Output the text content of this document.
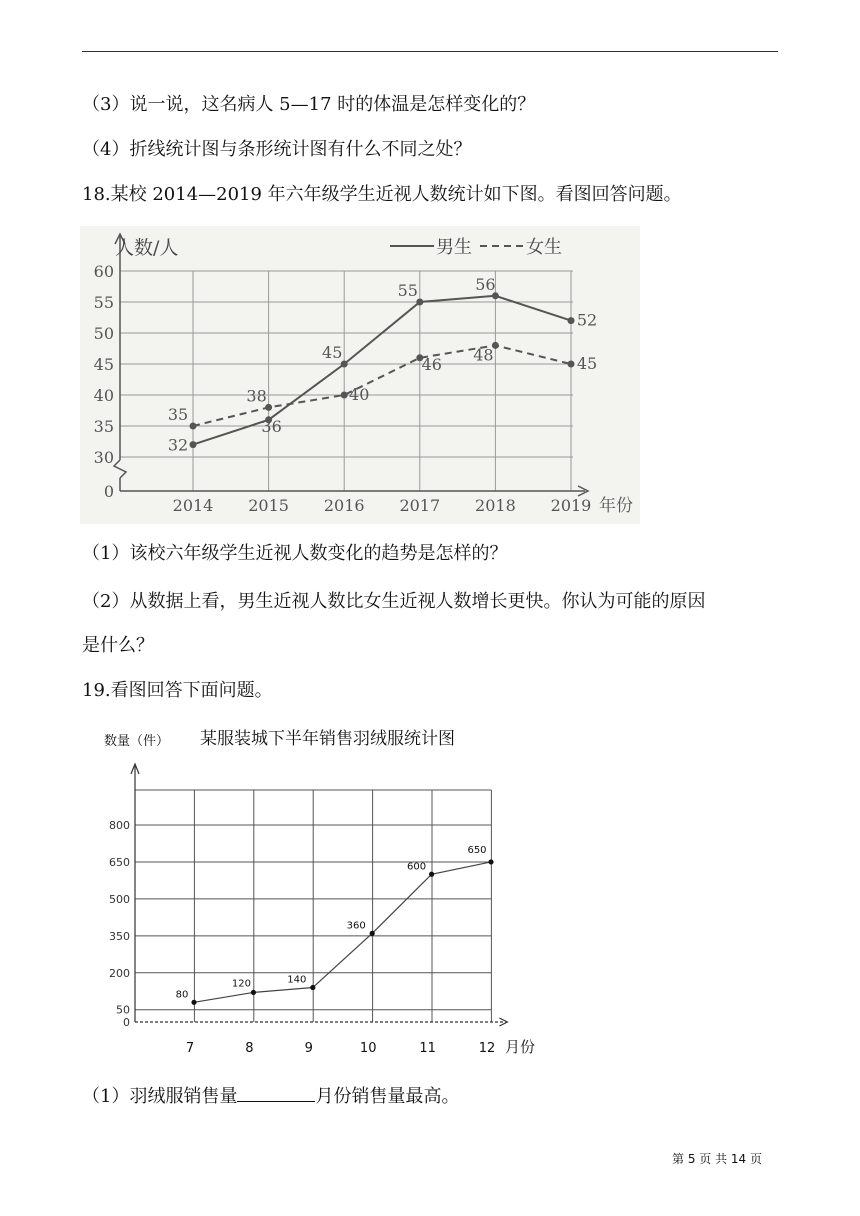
（3）说一说，这名病人 5—17 时的体温是怎样变化的？
（4）折线统计图与条形统计图有什么不同之处？
18.某校 2014—2019 年六年级学生近视人数统计如下图。看图回答问题。
人数/人
0
30
35
40
45
50
55
60
2014 2015 2016 2017 2018 2019 年份
32
36
45
55	56
52
35
38	40
46 48	45
男生	女生
（1）该校六年级学生近视人数变化的趋势是怎样的？
（2）从数据上看，男生近视人数比女生近视人数增长更快。你认为可能的原因
是什么？
19.看图回答下面问题。
数量（件） 某服装城下半年销售羽绒服统计图
0
50
200
350
500
650
800
7	8	9	10	11	12 月份
80
120	140
360
600
650
（1）羽绒服销售量	月份销售量最高。
第 5 页 共 14 页
